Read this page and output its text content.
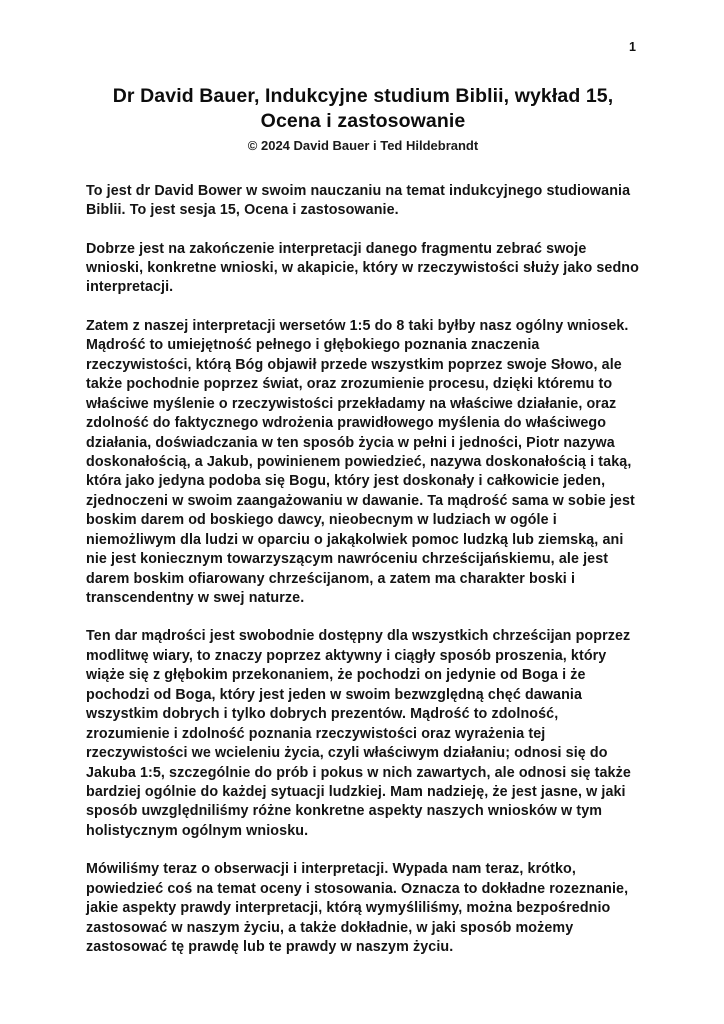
1
Dr David Bauer, Indukcyjne studium Biblii, wykład 15,
Ocena i zastosowanie
© 2024 David Bauer i Ted Hildebrandt

To jest dr David Bower w swoim nauczaniu na temat indukcyjnego studiowania Biblii. To jest sesja 15, Ocena i zastosowanie.

Dobrze jest na zakończenie interpretacji danego fragmentu zebrać swoje wnioski, konkretne wnioski, w akapicie, który w rzeczywistości służy jako sedno interpretacji.

Zatem z naszej interpretacji wersetów 1:5 do 8 taki byłby nasz ogólny wniosek. Mądrość to umiejętność pełnego i głębokiego poznania znaczenia rzeczywistości, którą Bóg objawił przede wszystkim poprzez swoje Słowo, ale także pochodnie poprzez świat, oraz zrozumienie procesu, dzięki któremu to właściwe myślenie o rzeczywistości przekładamy na właściwe działanie, oraz zdolność do faktycznego wdrożenia prawidłowego myślenia do właściwego działania, doświadczania w ten sposób życia w pełni i jedności, Piotr nazywa doskonałością, a Jakub, powinienem powiedzieć, nazywa doskonałością i taką, która jako jedyna podoba się Bogu, który jest doskonały i całkowicie jeden, zjednoczeni w swoim zaangażowaniu w dawanie. Ta mądrość sama w sobie jest boskim darem od boskiego dawcy, nieobecnym w ludziach w ogóle i niemożliwym dla ludzi w oparciu o jakąkolwiek pomoc ludzką lub ziemską, ani nie jest koniecznym towarzyszącym nawróceniu chrześcijańskiemu, ale jest darem boskim ofiarowany chrześcijanom, a zatem ma charakter boski i transcendentny w swej naturze.

Ten dar mądrości jest swobodnie dostępny dla wszystkich chrześcijan poprzez modlitwę wiary, to znaczy poprzez aktywny i ciągły sposób proszenia, który wiąże się z głębokim przekonaniem, że pochodzi on jedynie od Boga i że pochodzi od Boga, który jest jeden w swoim bezwzględną chęć dawania wszystkim dobrych i tylko dobrych prezentów. Mądrość to zdolność, zrozumienie i zdolność poznania rzeczywistości oraz wyrażenia tej rzeczywistości we wcieleniu życia, czyli właściwym działaniu; odnosi się do Jakuba 1:5, szczególnie do prób i pokus w nich zawartych, ale odnosi się także bardziej ogólnie do każdej sytuacji ludzkiej. Mam nadzieję, że jest jasne, w jaki sposób uwzględniliśmy różne konkretne aspekty naszych wniosków w tym holistycznym ogólnym wniosku.

Mówiliśmy teraz o obserwacji i interpretacji. Wypada nam teraz, krótko, powiedzieć coś na temat oceny i stosowania. Oznacza to dokładne rozeznanie, jakie aspekty prawdy interpretacji, którą wymyśliliśmy, można bezpośrednio zastosować w naszym życiu, a także dokładnie, w jaki sposób możemy zastosować tę prawdę lub te prawdy w naszym życiu.
